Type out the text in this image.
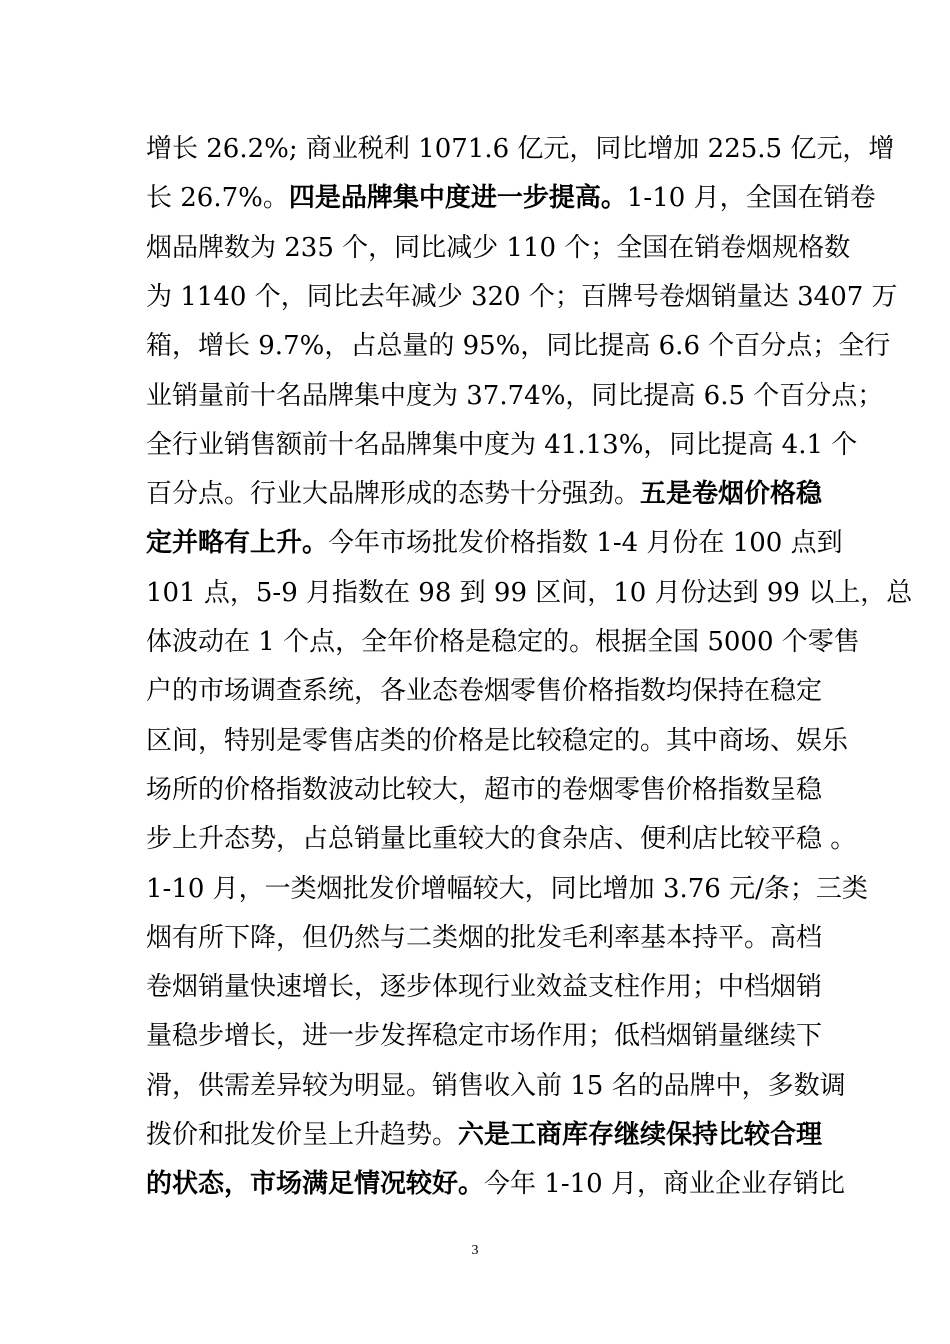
增长 26.2%; 商业税利 1071.6 亿元，同比增加 225.5 亿元，增
长 26.7%。四是品牌集中度进一步提高。1-10 月，全国在销卷
烟品牌数为 235 个，同比减少 110 个；全国在销卷烟规格数
为 1140 个，同比去年减少 320 个；百牌号卷烟销量达 3407 万
箱，增长 9.7%，占总量的 95%，同比提高 6.6 个百分点；全行
业销量前十名品牌集中度为 37.74%，同比提高 6.5 个百分点；
全行业销售额前十名品牌集中度为 41.13%，同比提高 4.1 个
百分点。行业大品牌形成的态势十分强劲。五是卷烟价格稳
定并略有上升。今年市场批发价格指数 1-4 月份在 100 点到
101 点，5-9 月指数在 98 到 99 区间，10 月份达到 99 以上，总
体波动在 1 个点，全年价格是稳定的。根据全国 5000 个零售
户的市场调查系统，各业态卷烟零售价格指数均保持在稳定
区间，特别是零售店类的价格是比较稳定的。其中商场、娱乐
场所的价格指数波动比较大，超市的卷烟零售价格指数呈稳
步上升态势，占总销量比重较大的食杂店、便利店比较平稳 。
1-10 月，一类烟批发价增幅较大，同比增加 3.76 元/条；三类
烟有所下降，但仍然与二类烟的批发毛利率基本持平。高档
卷烟销量快速增长，逐步体现行业效益支柱作用；中档烟销
量稳步增长，进一步发挥稳定市场作用；低档烟销量继续下
滑，供需差异较为明显。销售收入前 15 名的品牌中，多数调
拨价和批发价呈上升趋势。六是工商库存继续保持比较合理
的状态，市场满足情况较好。今年 1-10 月，商业企业存销比
3
